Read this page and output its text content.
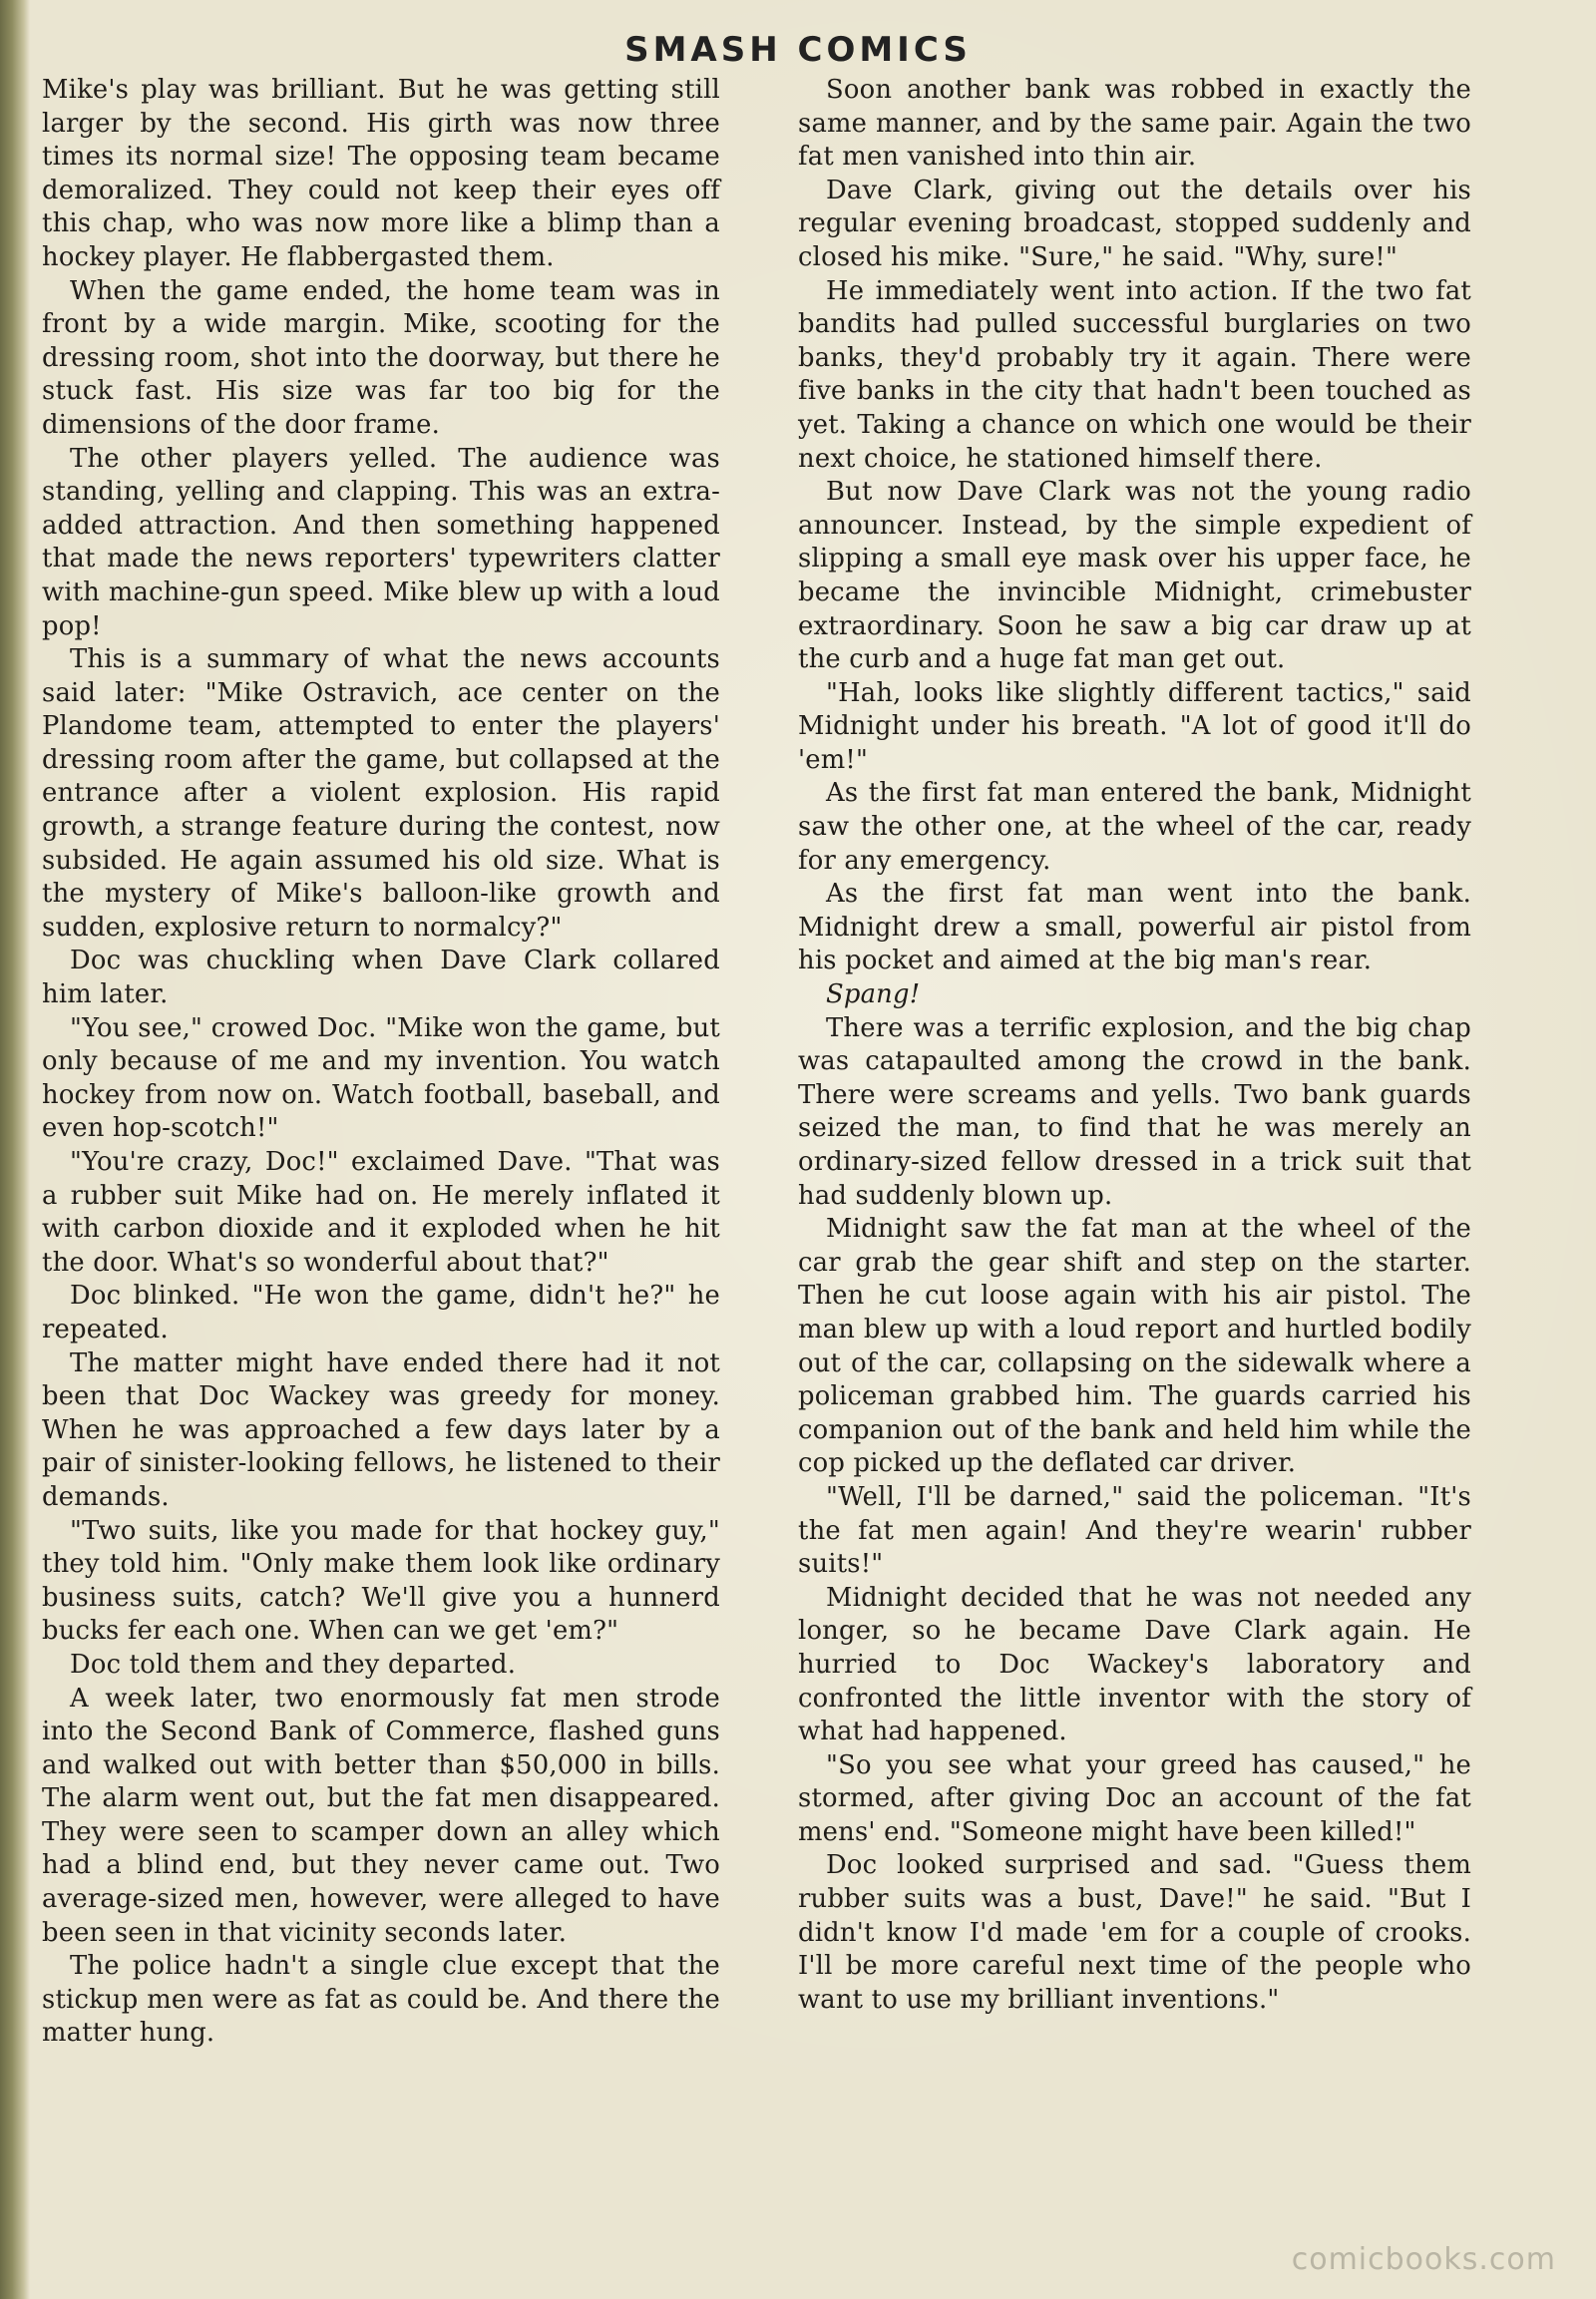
SMASH COMICS

Mike's play was brilliant. But he was getting still larger by the second. His girth was now three times its normal size! The opposing team became demoralized. They could not keep their eyes off this chap, who was now more like a blimp than a hockey player. He flabbergasted them.

When the game ended, the home team was in front by a wide margin. Mike, scooting for the dressing room, shot into the doorway, but there he stuck fast. His size was far too big for the dimensions of the door frame.

The other players yelled. The audience was standing, yelling and clapping. This was an extra-added attraction. And then something happened that made the news reporters' typewriters clatter with machine-gun speed. Mike blew up with a loud pop!

This is a summary of what the news accounts said later: "Mike Ostravich, ace center on the Plandome team, attempted to enter the players' dressing room after the game, but collapsed at the entrance after a violent explosion. His rapid growth, a strange feature during the contest, now subsided. He again assumed his old size. What is the mystery of Mike's balloon-like growth and sudden, explosive return to normalcy?"

Doc was chuckling when Dave Clark collared him later.

"You see," crowed Doc. "Mike won the game, but only because of me and my invention. You watch hockey from now on. Watch football, baseball, and even hop-scotch!"

"You're crazy, Doc!" exclaimed Dave. "That was a rubber suit Mike had on. He merely inflated it with carbon dioxide and it exploded when he hit the door. What's so wonderful about that?"

Doc blinked. "He won the game, didn't he?" he repeated.

The matter might have ended there had it not been that Doc Wackey was greedy for money. When he was approached a few days later by a pair of sinister-looking fellows, he listened to their demands.

"Two suits, like you made for that hockey guy," they told him. "Only make them look like ordinary business suits, catch? We'll give you a hunnerd bucks fer each one. When can we get 'em?"

Doc told them and they departed.

A week later, two enormously fat men strode into the Second Bank of Commerce, flashed guns and walked out with better than $50,000 in bills. The alarm went out, but the fat men disappeared. They were seen to scamper down an alley which had a blind end, but they never came out. Two average-sized men, however, were alleged to have been seen in that vicinity seconds later.

The police hadn't a single clue except that the stickup men were as fat as could be. And there the matter hung.

Soon another bank was robbed in exactly the same manner, and by the same pair. Again the two fat men vanished into thin air.

Dave Clark, giving out the details over his regular evening broadcast, stopped suddenly and closed his mike. "Sure," he said. "Why, sure!"

He immediately went into action. If the two fat bandits had pulled successful burglaries on two banks, they'd probably try it again. There were five banks in the city that hadn't been touched as yet. Taking a chance on which one would be their next choice, he stationed himself there.

But now Dave Clark was not the young radio announcer. Instead, by the simple expedient of slipping a small eye mask over his upper face, he became the invincible Midnight, crimebuster extraordinary. Soon he saw a big car draw up at the curb and a huge fat man get out.

"Hah, looks like slightly different tactics," said Midnight under his breath. "A lot of good it'll do 'em!"

As the first fat man entered the bank, Midnight saw the other one, at the wheel of the car, ready for any emergency.

As the first fat man went into the bank. Midnight drew a small, powerful air pistol from his pocket and aimed at the big man's rear.

Spang!

There was a terrific explosion, and the big chap was catapaulted among the crowd in the bank. There were screams and yells. Two bank guards seized the man, to find that he was merely an ordinary-sized fellow dressed in a trick suit that had suddenly blown up.

Midnight saw the fat man at the wheel of the car grab the gear shift and step on the starter. Then he cut loose again with his air pistol. The man blew up with a loud report and hurtled bodily out of the car, collapsing on the sidewalk where a policeman grabbed him. The guards carried his companion out of the bank and held him while the cop picked up the deflated car driver.

"Well, I'll be darned," said the policeman. "It's the fat men again! And they're wearin' rubber suits!"

Midnight decided that he was not needed any longer, so he became Dave Clark again. He hurried to Doc Wackey's laboratory and confronted the little inventor with the story of what had happened.

"So you see what your greed has caused," he stormed, after giving Doc an account of the fat mens' end. "Someone might have been killed!"

Doc looked surprised and sad. "Guess them rubber suits was a bust, Dave!" he said. "But I didn't know I'd made 'em for a couple of crooks. I'll be more careful next time of the people who want to use my brilliant inventions."

comicbooks.com
